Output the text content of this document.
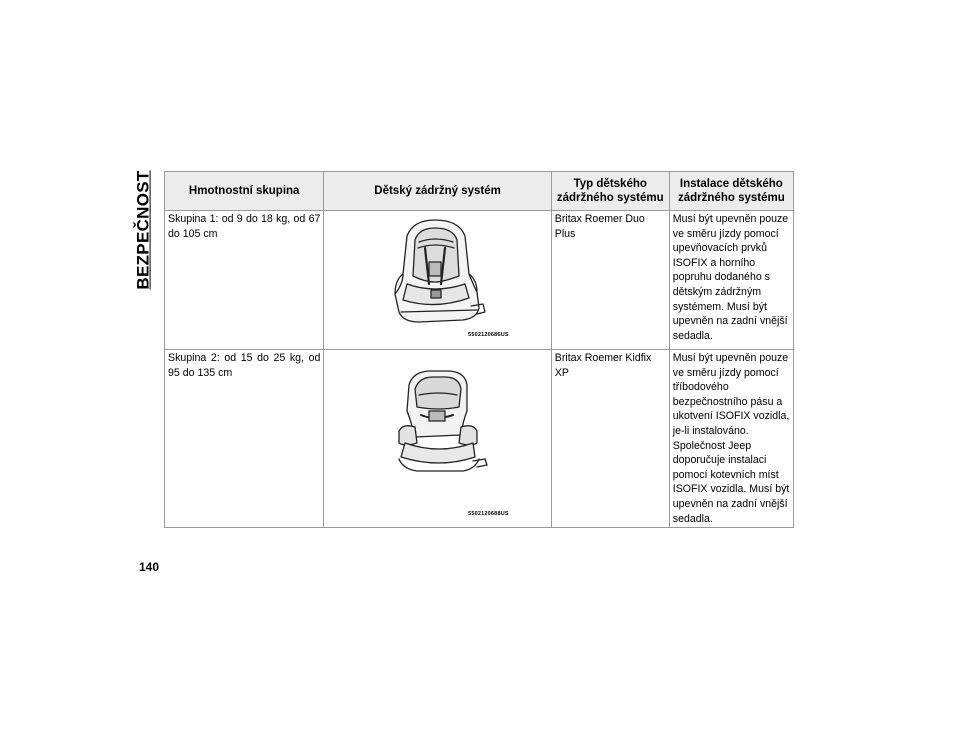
BEZPEČNOST	Hmotnostní skupina	Dětský zádržný systém	Typ dětského zádržného systému	Instalace dětského zádržného systému
Skupina 1: od 9 do 18 kg, od 67 do 105 cm	5502120686US	Britax Roemer Duo Plus	Musí být upevněn pouze ve směru jízdy pomocí upevňovacích prvků ISOFIX a horního popruhu dodaného s dětským zádržným systémem. Musí být upevněn na zadní vnější sedadla.
Skupina 2: od 15 do 25 kg, od 95 do 135 cm	5502120688US	Britax Roemer Kidfix XP	Musí být upevněn pouze ve směru jízdy pomocí tříbodového bezpečnostního pásu a ukotvení ISOFIX vozidla, je-li instalováno. Společnost Jeep doporučuje instalaci pomocí kotevních míst ISOFIX vozidla. Musí být upevněn na zadní vnější sedadla.
140
